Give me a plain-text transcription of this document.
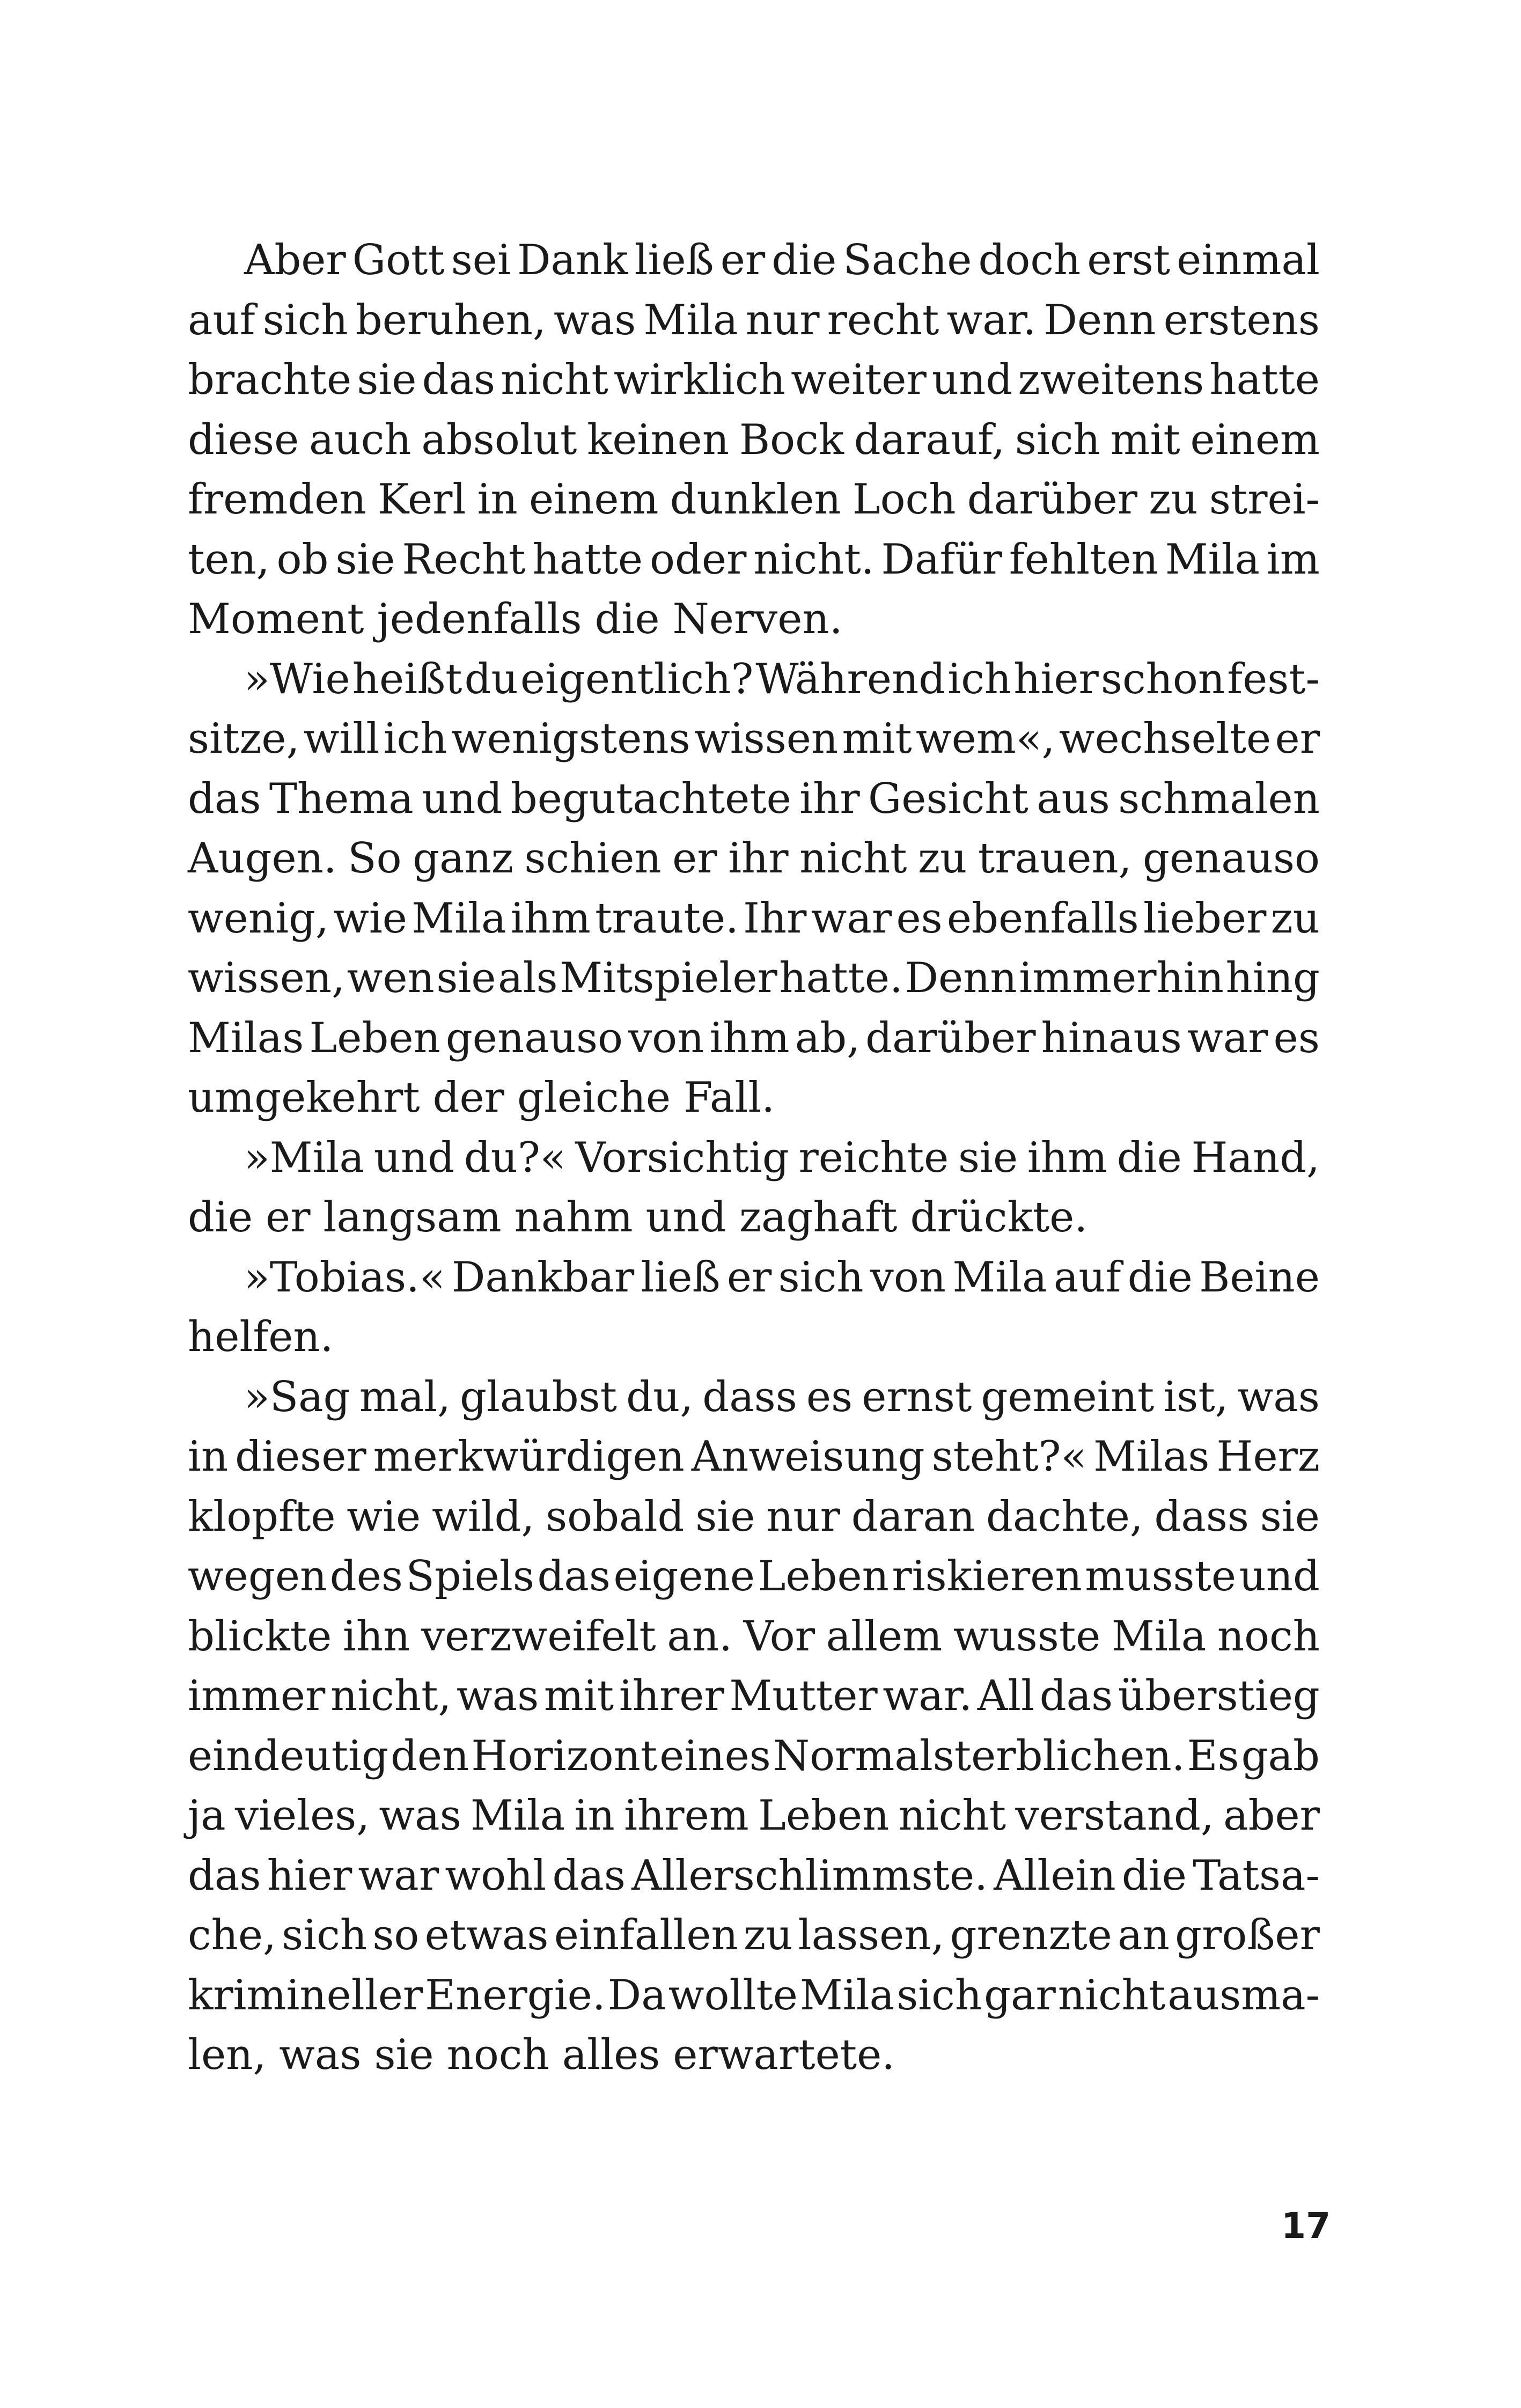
Aber Gott sei Dank ließ er die Sache doch erst einmal
auf sich beruhen, was Mila nur recht war. Denn erstens
brachte sie das nicht wirklich weiter und zweitens hatte
diese auch absolut keinen Bock darauf, sich mit einem
fremden Kerl in einem dunklen Loch darüber zu strei-
ten, ob sie Recht hatte oder nicht. Dafür fehlten Mila im
Moment jedenfalls die Nerven.
»Wie heißt du eigentlich? Während ich hier schon fest-
sitze, will ich wenigstens wissen mit wem«, wechselte er
das Thema und begutachtete ihr Gesicht aus schmalen
Augen. So ganz schien er ihr nicht zu trauen, genauso
wenig, wie Mila ihm traute. Ihr war es ebenfalls lieber zu
wissen, wen sie als Mitspieler hatte. Denn immerhin hing
Milas Leben genauso von ihm ab, darüber hinaus war es
umgekehrt der gleiche Fall.
»Mila und du?« Vorsichtig reichte sie ihm die Hand,
die er langsam nahm und zaghaft drückte.
»Tobias.« Dankbar ließ er sich von Mila auf die Beine
helfen.
»Sag mal, glaubst du, dass es ernst gemeint ist, was
in dieser merkwürdigen Anweisung steht?« Milas Herz
klopfte wie wild, sobald sie nur daran dachte, dass sie
wegen des Spiels das eigene Leben riskieren musste und
blickte ihn verzweifelt an. Vor allem wusste Mila noch
immer nicht, was mit ihrer Mutter war. All das überstieg
eindeutig den Horizont eines Normalsterblichen. Es gab
ja vieles, was Mila in ihrem Leben nicht verstand, aber
das hier war wohl das Allerschlimmste. Allein die Tatsa-
che, sich so etwas einfallen zu lassen, grenzte an großer
krimineller Energie. Da wollte Mila sich gar nicht ausma-
len, was sie noch alles erwartete.
17
